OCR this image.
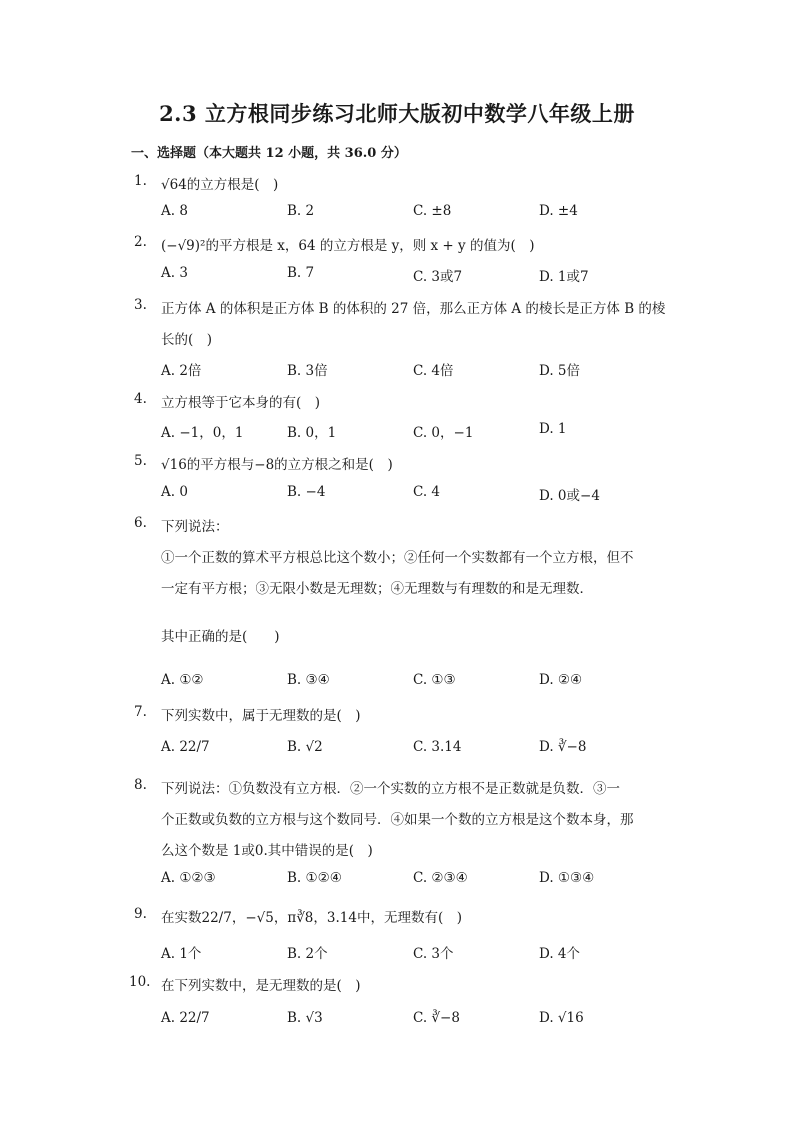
2.3 立方根同步练习北师大版初中数学八年级上册
一、选择题（本大题共 12 小题，共 36.0 分）
1. √64的立方根是(　)
A. 8	B. 2	C. ±8	D. ±4
2. (−√9)²的平方根是 x，64 的立方根是 y，则 x + y 的值为(　)
A. 3	B. 7	C. 3或7	D. 1或7
3. 正方体 A 的体积是正方体 B 的体积的 27 倍，那么正方体 A 的棱长是正方体 B 的棱
长的(　)
A. 2倍	B. 3倍	C. 4倍	D. 5倍
4. 立方根等于它本身的有(　)
A. −1，0，1	B. 0，1	C. 0，−1	D. 1
5. √16的平方根与−8的立方根之和是(　)
A. 0	B. −4	C. 4	D. 0或−4
6. 下列说法：
①一个正数的算术平方根总比这个数小；②任何一个实数都有一个立方根，但不
一定有平方根；③无限小数是无理数；④无理数与有理数的和是无理数．
其中正确的是(　　)
A. ①②	B. ③④	C. ①③	D. ②④
7. 下列实数中，属于无理数的是(　)
A. 22/7	B. √2	C. 3.14	D. ∛−8
8. 下列说法：①负数没有立方根．②一个实数的立方根不是正数就是负数．③一
个正数或负数的立方根与这个数同号．④如果一个数的立方根是这个数本身，那
么这个数是 1或0.其中错误的是(　)
A. ①②③	B. ①②④	C. ②③④	D. ①③④
9. 在实数22/7，−√5，π∛8，3.14中，无理数有(　)
A. 1个	B. 2个	C. 3个	D. 4个
10. 在下列实数中，是无理数的是(　)
A. 22/7	B. √3	C. ∛−8	D. √16
